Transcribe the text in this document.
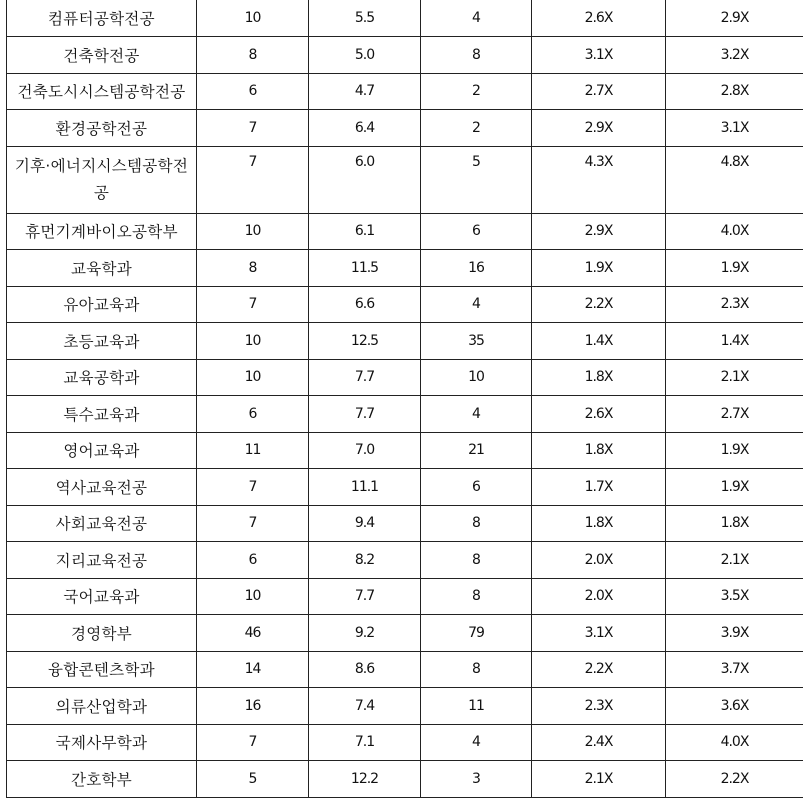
컴퓨터공학전공	10	5.5	4	2.6X	2.9X
건축학전공	8	5.0	8	3.1X	3.2X
건축도시시스템공학전공	6	4.7	2	2.7X	2.8X
환경공학전공	7	6.4	2	2.9X	3.1X
기후·에너지시스템공학전공	7	6.0	5	4.3X	4.8X
휴먼기계바이오공학부	10	6.1	6	2.9X	4.0X
교육학과	8	11.5	16	1.9X	1.9X
유아교육과	7	6.6	4	2.2X	2.3X
초등교육과	10	12.5	35	1.4X	1.4X
교육공학과	10	7.7	10	1.8X	2.1X
특수교육과	6	7.7	4	2.6X	2.7X
영어교육과	11	7.0	21	1.8X	1.9X
역사교육전공	7	11.1	6	1.7X	1.9X
사회교육전공	7	9.4	8	1.8X	1.8X
지리교육전공	6	8.2	8	2.0X	2.1X
국어교육과	10	7.7	8	2.0X	3.5X
경영학부	46	9.2	79	3.1X	3.9X
융합콘텐츠학과	14	8.6	8	2.2X	3.7X
의류산업학과	16	7.4	11	2.3X	3.6X
국제사무학과	7	7.1	4	2.4X	4.0X
간호학부	5	12.2	3	2.1X	2.2X
